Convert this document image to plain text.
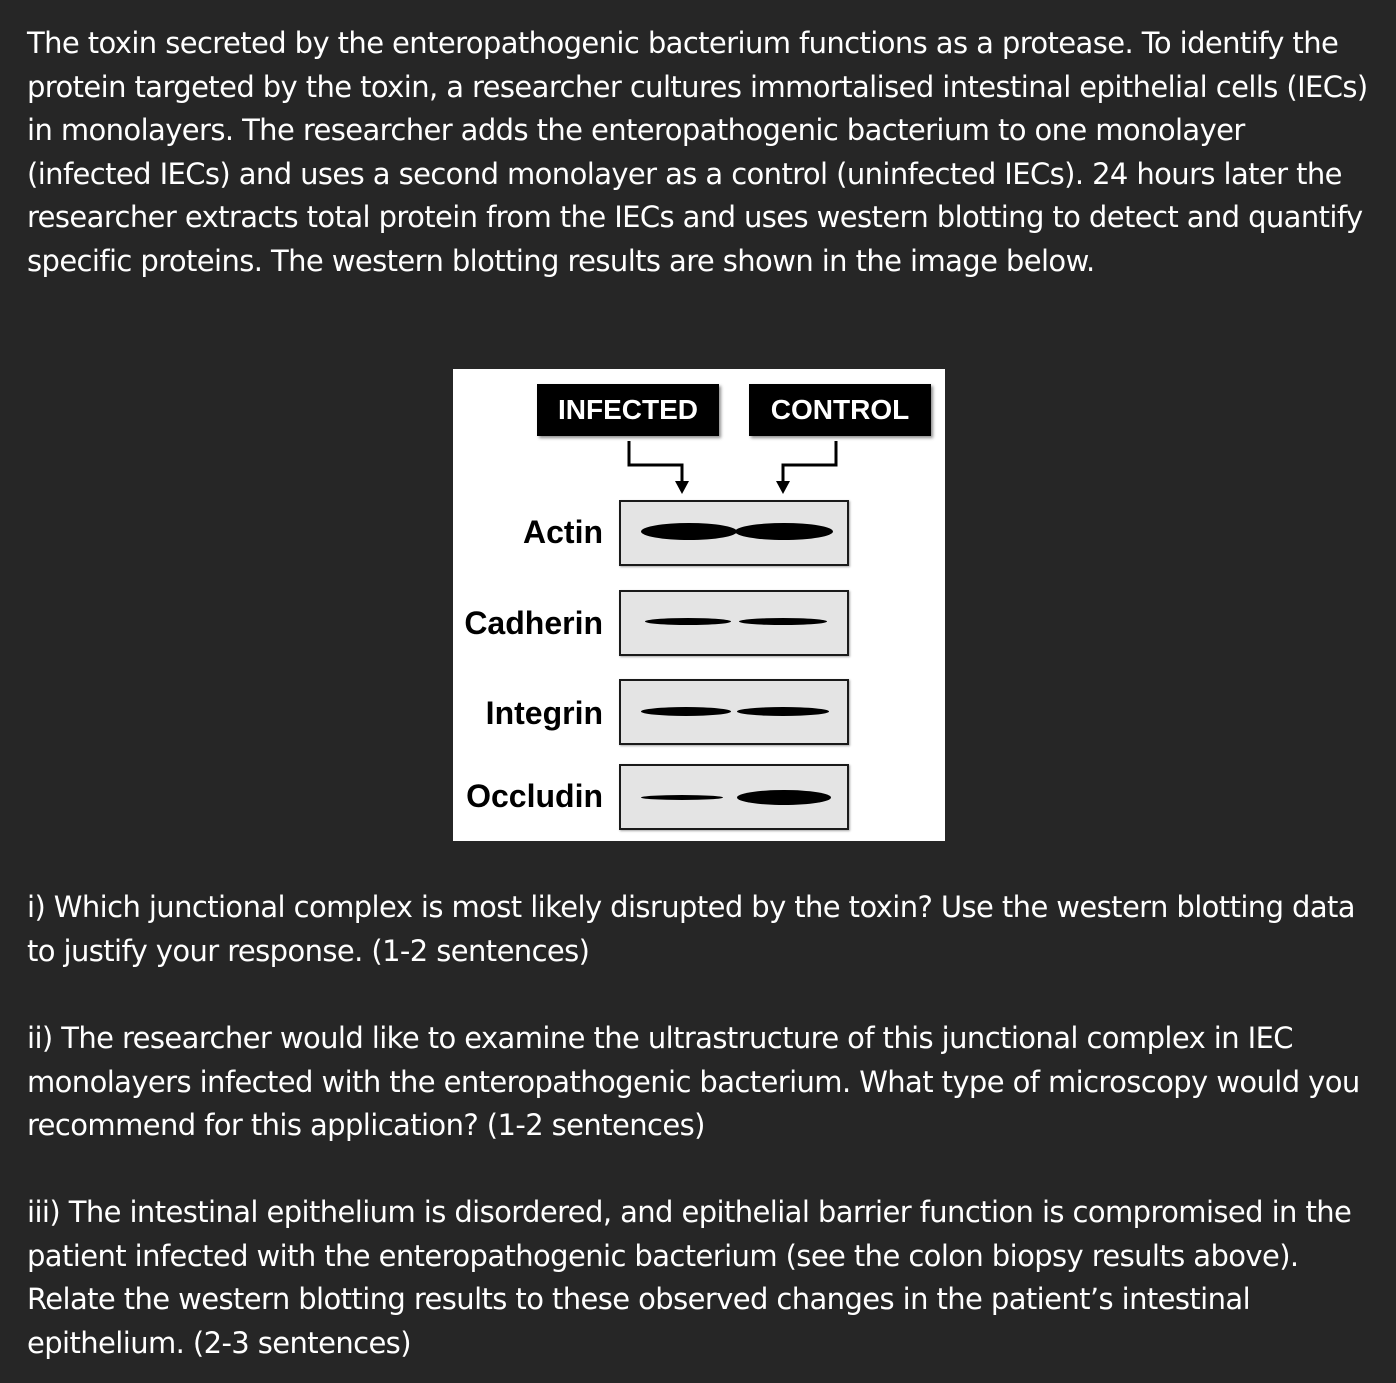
The toxin secreted by the enteropathogenic bacterium functions as a protease. To identify the protein targeted by the toxin, a researcher cultures immortalised intestinal epithelial cells (IECs) in monolayers. The researcher adds the enteropathogenic bacterium to one monolayer (infected IECs) and uses a second monolayer as a control (uninfected IECs). 24 hours later the researcher extracts total protein from the IECs and uses western blotting to detect and quantify specific proteins. The western blotting results are shown in the image below.

INFECTED	CONTROL
Actin
Cadherin
Integrin
Occludin

i) Which junctional complex is most likely disrupted by the toxin? Use the western blotting data to justify your response. (1-2 sentences)

ii) The researcher would like to examine the ultrastructure of this junctional complex in IEC monolayers infected with the enteropathogenic bacterium. What type of microscopy would you recommend for this application? (1-2 sentences)

iii) The intestinal epithelium is disordered, and epithelial barrier function is compromised in the patient infected with the enteropathogenic bacterium (see the colon biopsy results above). Relate the western blotting results to these observed changes in the patient’s intestinal epithelium. (2-3 sentences)
